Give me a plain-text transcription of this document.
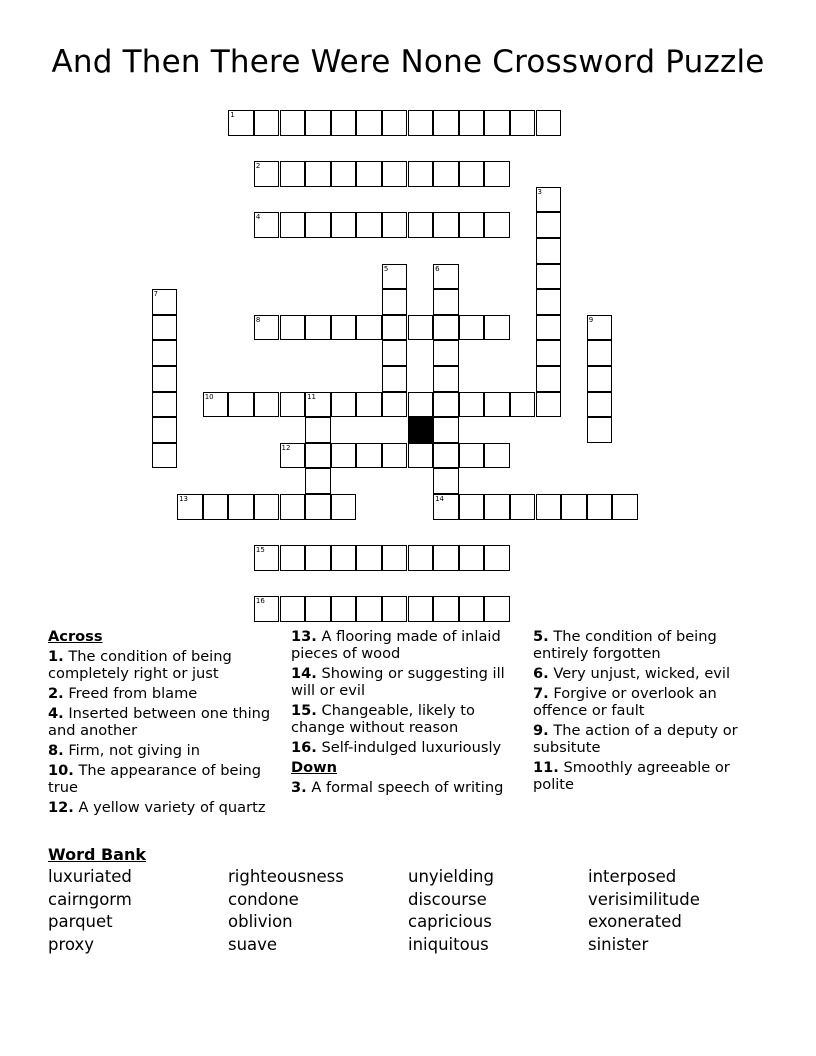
And Then There Were None Crossword Puzzle
1
2
3
4
5	6
7
8	9
10	11
12
13	14
15
16
Across
1. The condition of being completely right or just
2. Freed from blame
4. Inserted between one thing and another
8. Firm, not giving in
10. The appearance of being true
12. A yellow variety of quartz
13. A flooring made of inlaid pieces of wood
14. Showing or suggesting ill will or evil
15. Changeable, likely to change without reason
16. Self-indulged luxuriously
Down
3. A formal speech of writing
5. The condition of being entirely forgotten
6. Very unjust, wicked, evil
7. Forgive or overlook an offence or fault
9. The action of a deputy or subsitute
11. Smoothly agreeable or polite
Word Bank
luxuriated	righteousness	unyielding	interposed
cairngorm	condone	discourse	verisimilitude
parquet	oblivion	capricious	exonerated
proxy	suave	iniquitous	sinister
